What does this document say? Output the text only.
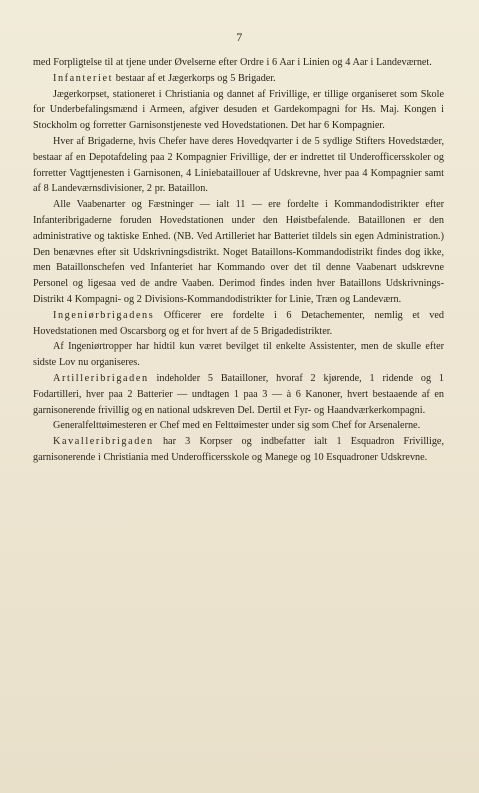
7

med Forpligtelse til at tjene under Øvelserne efter Ordre i 6 Aar i Linien og 4 Aar i Landeværnet.

Infanteriet bestaar af et Jægerkorps og 5 Brigader.

Jægerkorpset, stationeret i Christiania og dannet af Frivillige, er tillige organiseret som Skole for Underbefalingsmænd i Armeen, afgiver desuden et Gardekompagni for Hs. Maj. Kongen i Stockholm og forretter Garnisonstjeneste ved Hovedstationen. Det har 6 Kompagnier.

Hver af Brigaderne, hvis Chefer have deres Hovedqvarter i de 5 sydlige Stifters Hovedstæder, bestaar af en Depotafdeling paa 2 Kompagnier Frivillige, der er indrettet til Underofficersskoler og forretter Vagttjenesten i Garnisonen, 4 Liniebataillouer af Udskrevne, hver paa 4 Kompagnier samt af 8 Landeværnsdivisioner, 2 pr. Bataillon.

Alle Vaabenarter og Fæstninger — ialt 11 — ere fordelte i Kommandodistrikter efter Infanteribrigaderne foruden Hovedstationen under den Høistbefalende. Bataillonen er den administrative og taktiske Enhed. (NB. Ved Artilleriet har Batteriet tildels sin egen Administration.) Den benævnes efter sit Udskrivningsdistrikt. Noget Bataillons-Kommandodistrikt findes dog ikke, men Bataillonschefen ved Infanteriet har Kommando over det til denne Vaabenart udskrevne Personel og ligesaa ved de andre Vaaben. Derimod findes inden hver Bataillons Udskrivnings-Distrikt 4 Kompagni- og 2 Divisions-Kommandodistrikter for Linie, Træn og Landeværn.

Ingeniørbrigadens Officerer ere fordelte i 6 Detachementer, nemlig et ved Hovedstationen med Oscarsborg og et for hvert af de 5 Brigadedistrikter.

Af Ingeniørtropper har hidtil kun været bevilget til enkelte Assistenter, men de skulle efter sidste Lov nu organiseres.

Artilleribrigaden indeholder 5 Batailloner, hvoraf 2 kjørende, 1 ridende og 1 Fodartilleri, hver paa 2 Batterier — undtagen 1 paa 3 — à 6 Kanoner, hvert bestaaende af en garnisonerende frivillig og en national udskreven Del. Dertil et Fyr- og Haandværkerkompagni.

Generalfelttøimesteren er Chef med en Felttøimester under sig som Chef for Arsenalerne.

Kavalleribrigaden har 3 Korpser og indbefatter ialt 1 Esquadron Frivillige, garnisonerende i Christiania med Underofficersskole og Manege og 10 Esquadroner Udskrevne.
